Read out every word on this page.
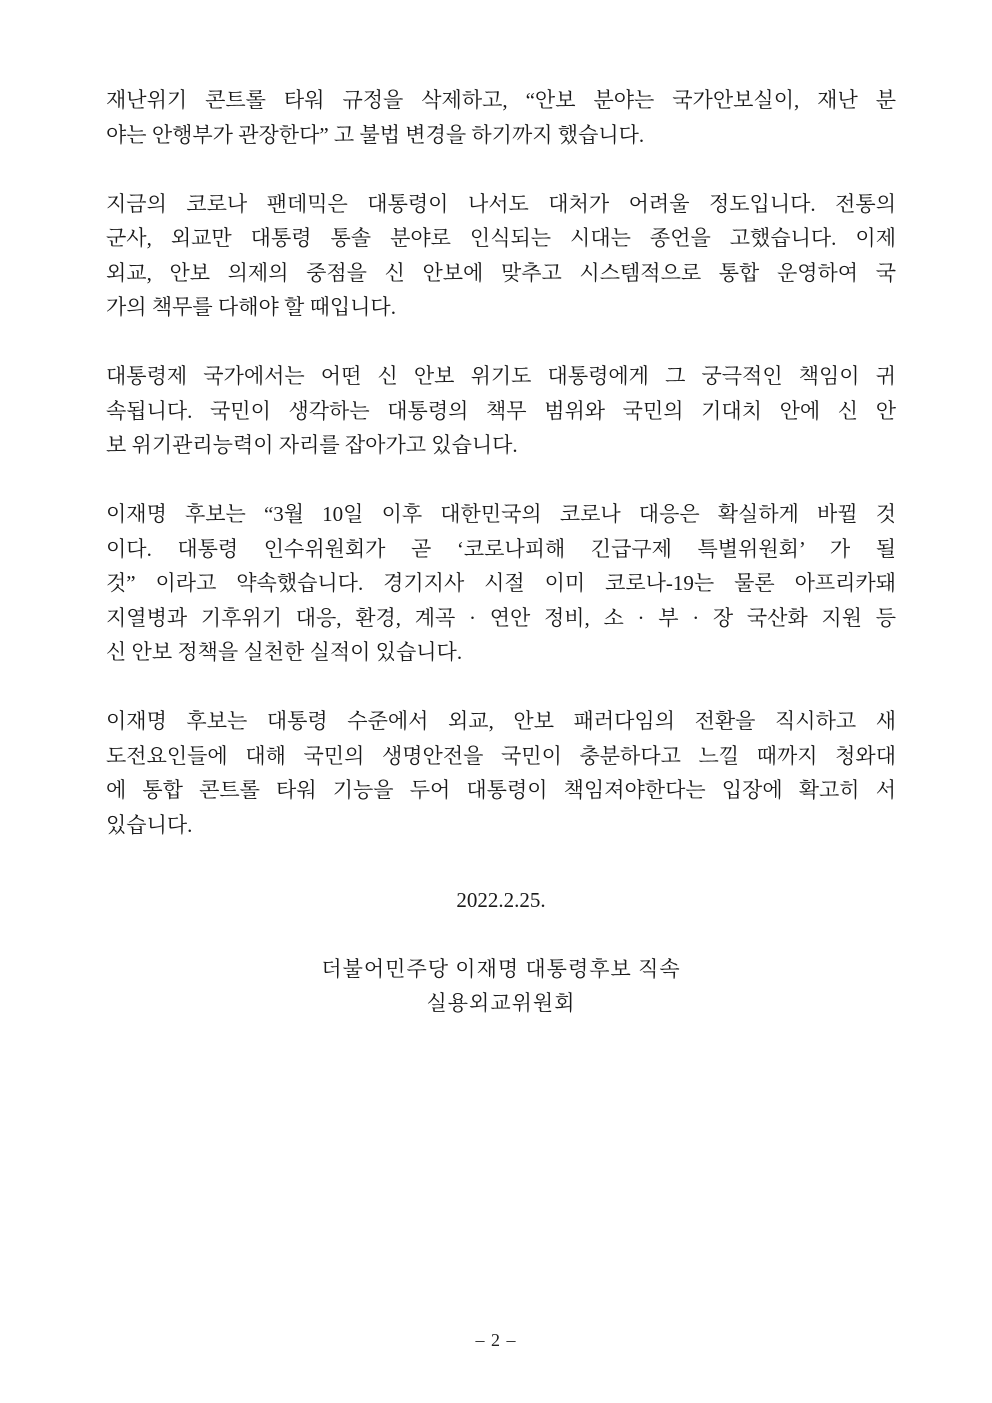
재난위기 콘트롤 타워 규정을 삭제하고, “안보 분야는 국가안보실이, 재난 분
야는 안행부가 관장한다” 고 불법 변경을 하기까지 했습니다.
지금의 코로나 팬데믹은 대통령이 나서도 대처가 어려울 정도입니다. 전통의
군사, 외교만 대통령 통솔 분야로 인식되는 시대는 종언을 고했습니다. 이제
외교, 안보 의제의 중점을 신 안보에 맞추고 시스템적으로 통합 운영하여 국
가의 책무를 다해야 할 때입니다.
대통령제 국가에서는 어떤 신 안보 위기도 대통령에게 그 궁극적인 책임이 귀
속됩니다. 국민이 생각하는 대통령의 책무 범위와 국민의 기대치 안에 신 안
보 위기관리능력이 자리를 잡아가고 있습니다.
이재명 후보는 “3월 10일 이후 대한민국의 코로나 대응은 확실하게 바뀔 것
이다. 대통령 인수위원회가 곧 ‘코로나피해 긴급구제 특별위원회’ 가 될
것” 이라고 약속했습니다. 경기지사 시절 이미 코로나-19는 물론 아프리카돼
지열병과 기후위기 대응, 환경, 계곡 · 연안 정비, 소 · 부 · 장 국산화 지원 등
신 안보 정책을 실천한 실적이 있습니다.
이재명 후보는 대통령 수준에서 외교, 안보 패러다임의 전환을 직시하고 새
도전요인들에 대해 국민의 생명안전을 국민이 충분하다고 느낄 때까지 청와대
에 통합 콘트롤 타워 기능을 두어 대통령이 책임져야한다는 입장에 확고히 서
있습니다.
2022.2.25.
더불어민주당 이재명 대통령후보 직속
실용외교위원회
– 2 –
